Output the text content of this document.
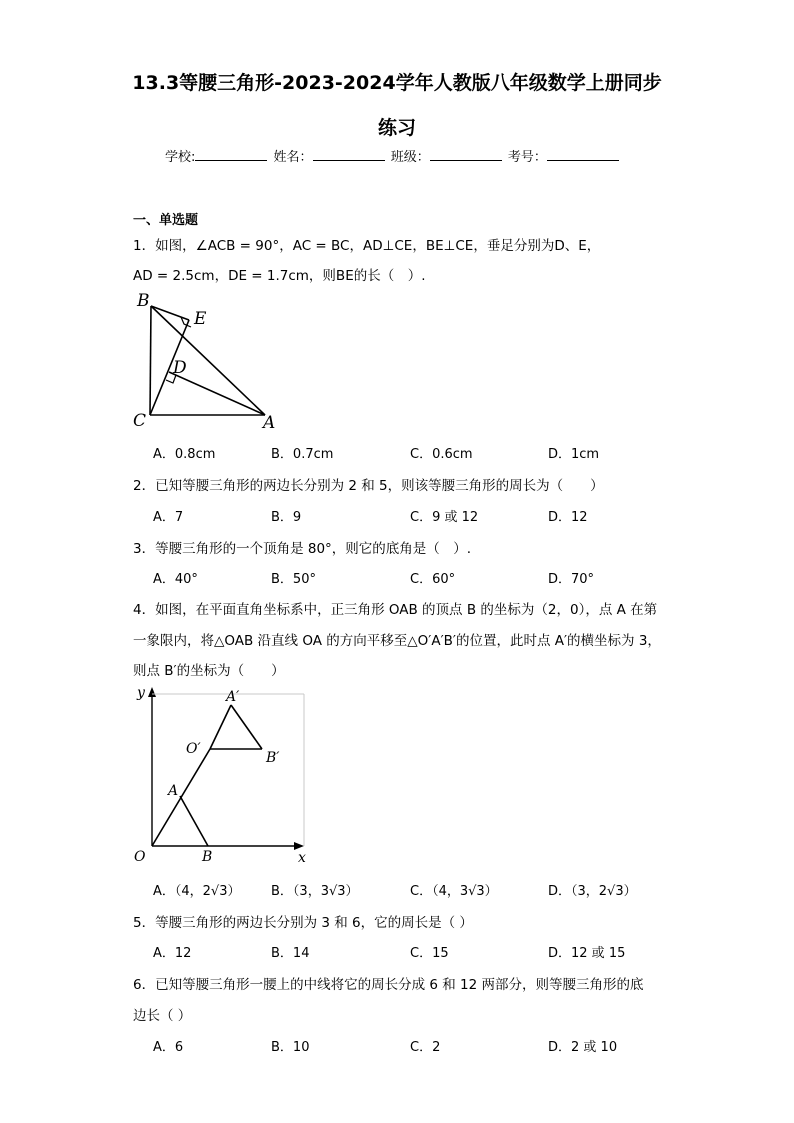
13.3等腰三角形-2023-2024学年人教版八年级数学上册同步
练习
学校:	姓名：	班级：	考号：
一、单选题
1．如图，∠ACB = 90°，AC = BC，AD⊥CE，BE⊥CE，垂足分别为D、E，
AD = 2.5cm，DE = 1.7cm，则BE的长（　）.
B
E
D
C	A
A．0.8cm	B．0.7cm	C．0.6cm	D．1cm
2．已知等腰三角形的两边长分别为 2 和 5，则该等腰三角形的周长为（　　）
A．7	B．9	C．9 或 12	D．12
3．等腰三角形的一个顶角是 80°，则它的底角是（　）.
A．40°	B．50°	C．60°	D．70°
4．如图，在平面直角坐标系中，正三角形 OAB 的顶点 B 的坐标为（2，0），点 A 在第
一象限内，将△OAB 沿直线 OA 的方向平移至△O′A′B′的位置，此时点 A′的横坐标为 3，
则点 B′的坐标为（　　）
y
x
O	B
A
O′
A′
B′
A．（4，2√3） B．（3，3√3）	C．（4，3√3）	D．（3，2√3）
5．等腰三角形的两边长分别为 3 和 6，它的周长是（ ）
A．12	B．14	C．15	D．12 或 15
6．已知等腰三角形一腰上的中线将它的周长分成 6 和 12 两部分，则等腰三角形的底
边长（ ）
A．6	B．10	C．2	D．2 或 10
